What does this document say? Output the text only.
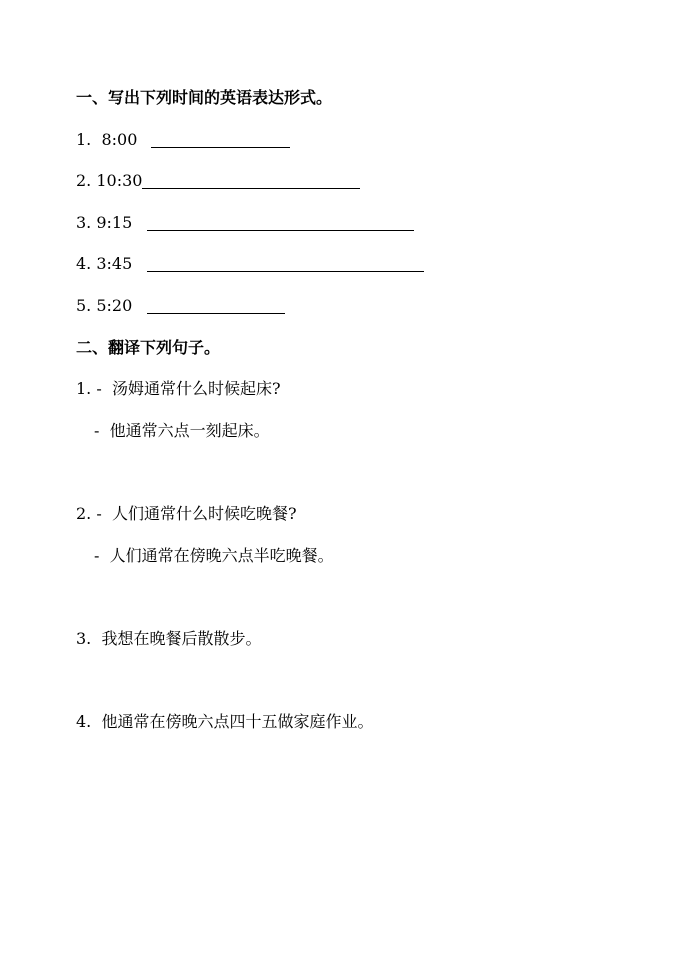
一、写出下列时间的英语表达形式。
1. 8:00
2. 10:30
3. 9:15
4. 3:45
5. 5:20
二、翻译下列句子。
1. - 汤姆通常什么时候起床?
- 他通常六点一刻起床。
2. - 人们通常什么时候吃晚餐?
- 人们通常在傍晚六点半吃晚餐。
3. 我想在晚餐后散散步。
4. 他通常在傍晚六点四十五做家庭作业。
